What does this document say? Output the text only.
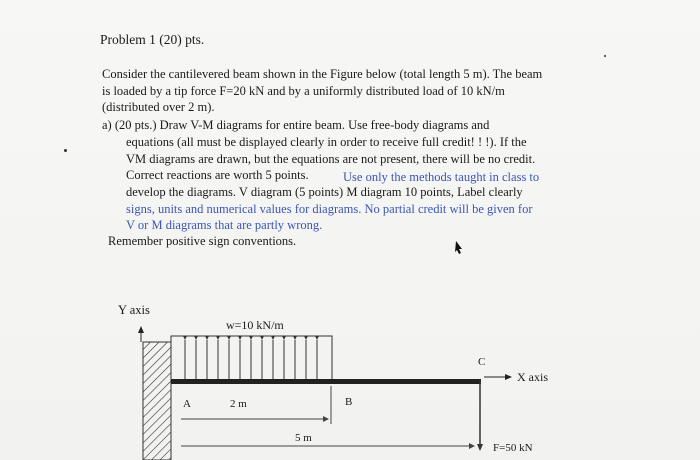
Problem 1 (20) pts.
Consider the cantilevered beam shown in the Figure below (total length 5 m). The beam
is loaded by a tip force F=20 kN and by a uniformly distributed load of 10 kN/m
(distributed over 2 m).
a) (20 pts.) Draw V-M diagrams for entire beam. Use free-body diagrams and
equations (all must be displayed clearly in order to receive full credit! ! !). If the
VM diagrams are drawn, but the equations are not present, there will be no credit.
Correct reactions are worth 5 points.	Use only the methods taught in class to
develop the diagrams. V diagram (5 points) M diagram 10 points, Label clearly
signs, units and numerical values for diagrams. No partial credit will be given for
V or M diagrams that are partly wrong.
Remember positive sign conventions.
Y axis
w=10 kN/m
C
X axis
A	2 m	B
5 m
F=50 kN
